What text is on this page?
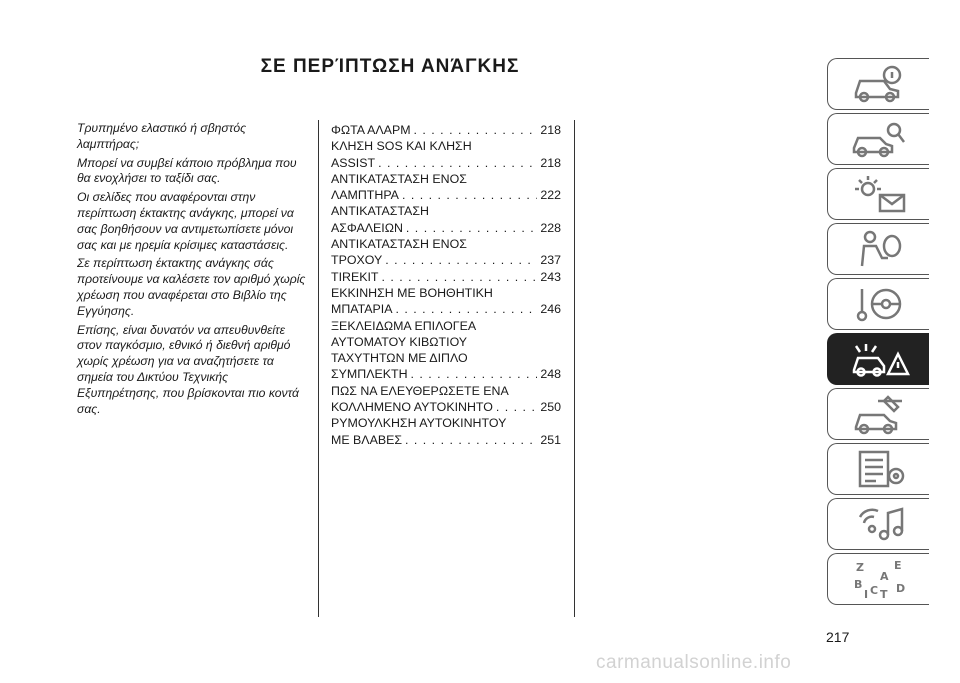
ΣΕ ΠΕΡΊΠΤΩΣΗ ΑΝΆΓΚΗΣ

Τρυπημένο ελαστικό ή σβηστός λαμπτήρας;

Μπορεί να συμβεί κάποιο πρόβλημα που θα ενοχλήσει το ταξίδι σας.

Οι σελίδες που αναφέρονται στην περίπτωση έκτακτης ανάγκης, μπορεί να σας βοηθήσουν να αντιμετωπίσετε μόνοι σας και με ηρεμία κρίσιμες καταστάσεις.

Σε περίπτωση έκτακτης ανάγκης σάς προτείνουμε να καλέσετε τον αριθμό χωρίς χρέωση που αναφέρεται στο Βιβλίο της Εγγύησης.

Επίσης, είναι δυνατόν να απευθυνθείτε στον παγκόσμιο, εθνικό ή διεθνή αριθμό χωρίς χρέωση για να αναζητήσετε τα σημεία του Δικτύου Τεχνικής Εξυπηρέτησης, που βρίσκονται πιο κοντά σας.

ΦΩΤΑ ΑΛΑΡΜ . . .	218
ΚΛΗΣΗ SOS ΚΑΙ ΚΛΗΣΗ
ASSIST . . .	218
ΑΝΤΙΚΑΤΑΣΤΑΣΗ ΕΝΟΣ
ΛΑΜΠΤΗΡΑ . . .	222
ΑΝΤΙΚΑΤΑΣΤΑΣΗ
ΑΣΦΑΛΕΙΩΝ . . .	228
ΑΝΤΙΚΑΤΑΣΤΑΣΗ ΕΝΟΣ
ΤΡΟΧΟΥ . . .	237
TIREKIT . . .	243
ΕΚΚΙΝΗΣΗ ΜΕ ΒΟΗΘΗΤΙΚΗ
ΜΠΑΤΑΡΙΑ . . .	246
ΞΕΚΛΕΙΔΩΜΑ ΕΠΙΛΟΓΕΑ
ΑΥΤΟΜΑΤΟΥ ΚΙΒΩΤΙΟΥ
ΤΑΧΥΤΗΤΩΝ ΜΕ ΔΙΠΛΟ
ΣΥΜΠΛΕΚΤΗ . . .	248
ΠΩΣ ΝΑ ΕΛΕΥΘΕΡΩΣΕΤΕ ΕΝΑ
ΚΟΛΛΗΜΕΝΟ ΑΥΤΟΚΙΝΗΤΟ . . .	250
ΡΥΜΟΥΛΚΗΣΗ ΑΥΤΟΚΙΝΗΤΟΥ
ΜΕ ΒΛΑΒΕΣ . . .	251
Z	E
A
B C T D
I
217
carmanualsonline.info
